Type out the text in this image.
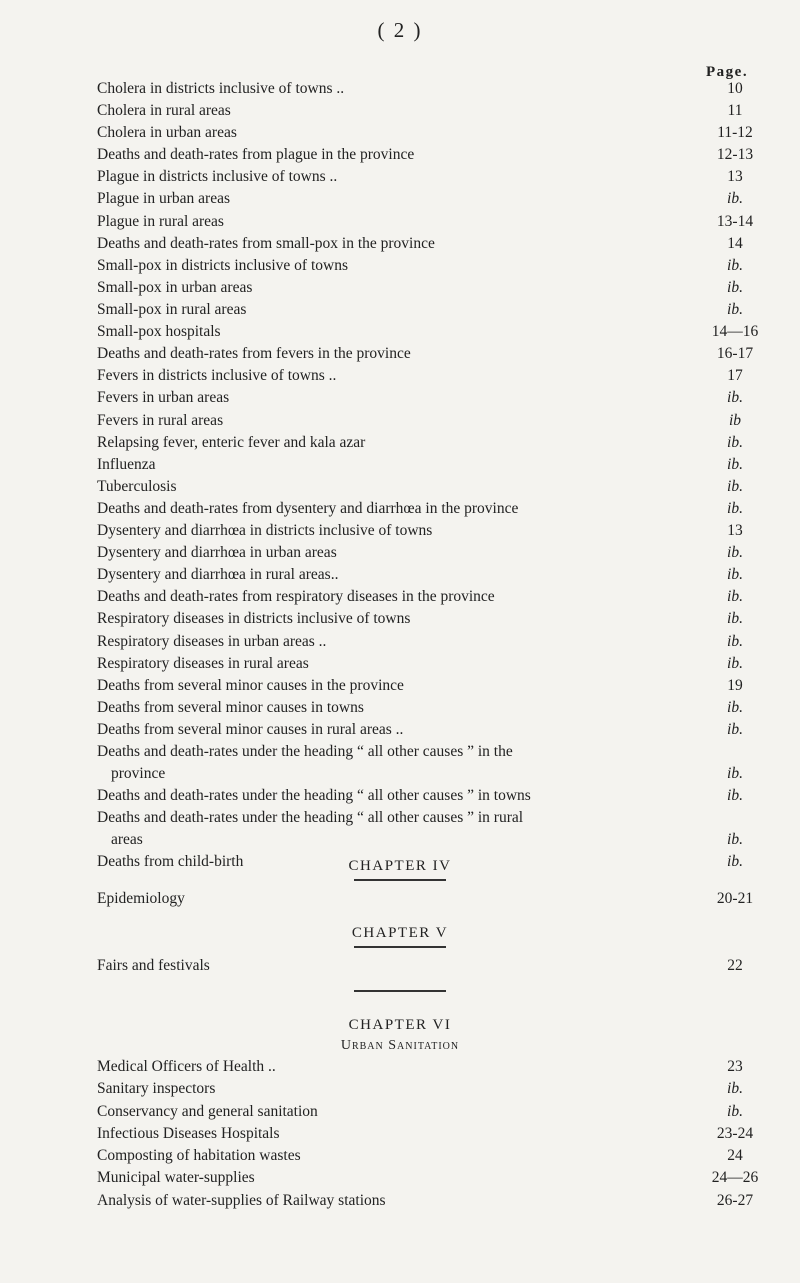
( 2 )
Page.
Cholera in districts inclusive of towns ..	10
Cholera in rural areas	11
Cholera in urban areas	11-12
Deaths and death-rates from plague in the province	12-13
Plague in districts inclusive of towns ..	13
Plague in urban areas	ib.
Plague in rural areas	13-14
Deaths and death-rates from small-pox in the province	14
Small-pox in districts inclusive of towns	ib.
Small-pox in urban areas	ib.
Small-pox in rural areas	ib.
Small-pox hospitals	14—16
Deaths and death-rates from fevers in the province	16-17
Fevers in districts inclusive of towns ..	17
Fevers in urban areas	ib.
Fevers in rural areas	ib
Relapsing fever, enteric fever and kala azar	ib.
Influenza	ib.
Tuberculosis	ib.
Deaths and death-rates from dysentery and diarrhœa in the province	ib.
Dysentery and diarrhœa in districts inclusive of towns	13
Dysentery and diarrhœa in urban areas	ib.
Dysentery and diarrhœa in rural areas..	ib.
Deaths and death-rates from respiratory diseases in the province	ib.
Respiratory diseases in districts inclusive of towns	ib.
Respiratory diseases in urban areas ..	ib.
Respiratory diseases in rural areas	ib.
Deaths from several minor causes in the province	19
Deaths from several minor causes in towns	ib.
Deaths from several minor causes in rural areas ..	ib.
Deaths and death-rates under the heading “ all other causes ” in the
province	ib.
Deaths and death-rates under the heading “ all other causes ” in towns	ib.
Deaths and death-rates under the heading “ all other causes ” in rural
areas	ib.
Deaths from child-birth	ib.
CHAPTER IV
Epidemiology	20-21
CHAPTER V
Fairs and festivals	22
CHAPTER VI
Urban Sanitation
Medical Officers of Health ..	23
Sanitary inspectors	ib.
Conservancy and general sanitation	ib.
Infectious Diseases Hospitals	23-24
Composting of habitation wastes	24
Municipal water-supplies	24—26
Analysis of water-supplies of Railway stations	26-27
